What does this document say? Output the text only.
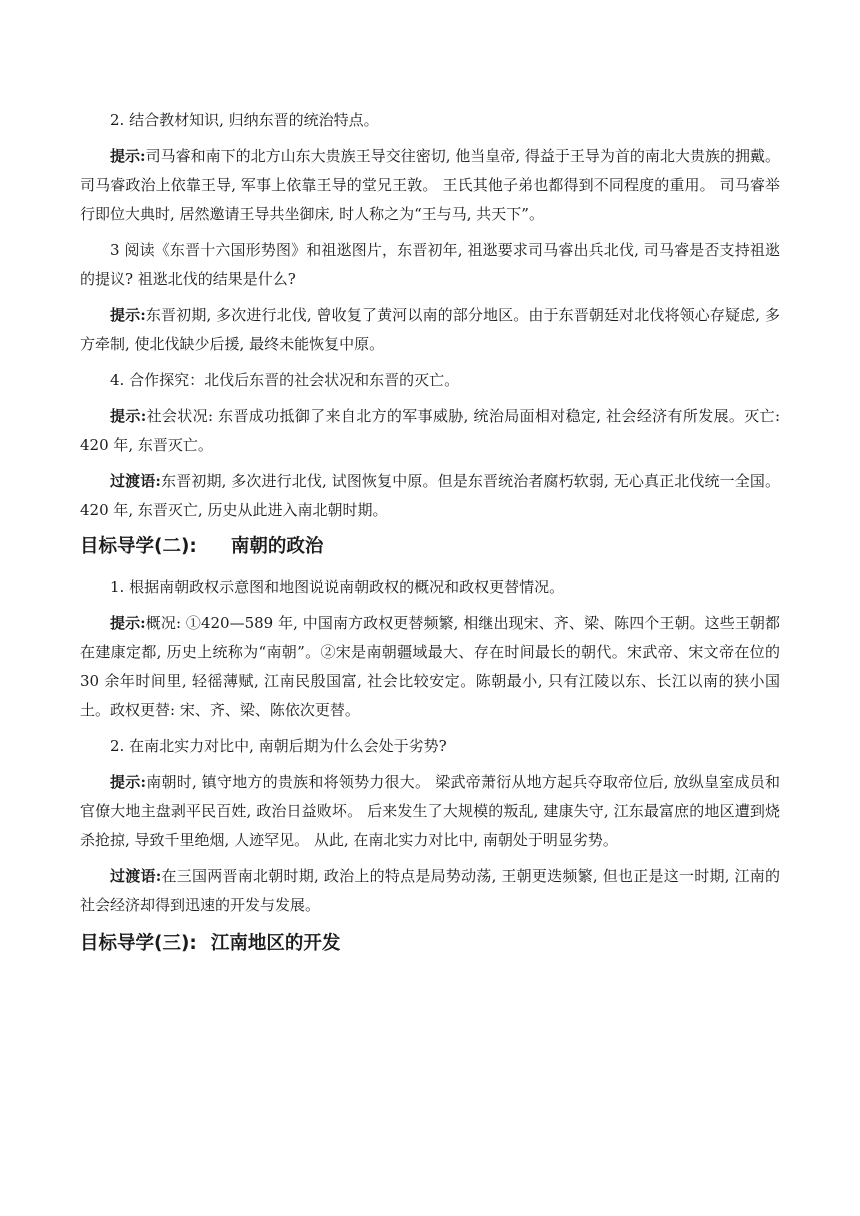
2. 结合教材知识, 归纳东晋的统治特点。

提示:司马睿和南下的北方山东大贵族王导交往密切, 他当皇帝, 得益于王导为首的南北大贵族的拥戴。 司马睿政治上依靠王导, 军事上依靠王导的堂兄王敦。 王氏其他子弟也都得到不同程度的重用。 司马睿举行即位大典时, 居然邀请王导共坐御床, 时人称之为“王与马, 共天下”。

3 阅读《东晋十六国形势图》和祖逖图片，东晋初年, 祖逖要求司马睿出兵北伐, 司马睿是否支持祖逖的提议? 祖逖北伐的结果是什么?

提示:东晋初期, 多次进行北伐, 曾收复了黄河以南的部分地区。由于东晋朝廷对北伐将领心存疑虑, 多方牵制, 使北伐缺少后援, 最终未能恢复中原。

4. 合作探究：北伐后东晋的社会状况和东晋的灭亡。

提示:社会状况: 东晋成功抵御了来自北方的军事威胁, 统治局面相对稳定, 社会经济有所发展。灭亡: 420 年, 东晋灭亡。

过渡语:东晋初期, 多次进行北伐, 试图恢复中原。但是东晋统治者腐朽软弱, 无心真正北伐统一全国。420 年, 东晋灭亡, 历史从此进入南北朝时期。

目标导学(二): 南朝的政治

1. 根据南朝政权示意图和地图说说南朝政权的概况和政权更替情况。

提示:概况: ①420—589 年, 中国南方政权更替频繁, 相继出现宋、齐、梁、陈四个王朝。这些王朝都在建康定都, 历史上统称为“南朝”。②宋是南朝疆域最大、存在时间最长的朝代。宋武帝、宋文帝在位的 30 余年时间里, 轻徭薄赋, 江南民殷国富, 社会比较安定。陈朝最小, 只有江陵以东、长江以南的狭小国土。政权更替: 宋、齐、梁、陈依次更替。

2. 在南北实力对比中, 南朝后期为什么会处于劣势?

提示:南朝时, 镇守地方的贵族和将领势力很大。 梁武帝萧衍从地方起兵夺取帝位后, 放纵皇室成员和官僚大地主盘剥平民百姓, 政治日益败坏。 后来发生了大规模的叛乱, 建康失守, 江东最富庶的地区遭到烧杀抢掠, 导致千里绝烟, 人迹罕见。 从此, 在南北实力对比中, 南朝处于明显劣势。

过渡语:在三国两晋南北朝时期, 政治上的特点是局势动荡, 王朝更迭频繁, 但也正是这一时期, 江南的社会经济却得到迅速的开发与发展。

目标导学(三): 江南地区的开发
